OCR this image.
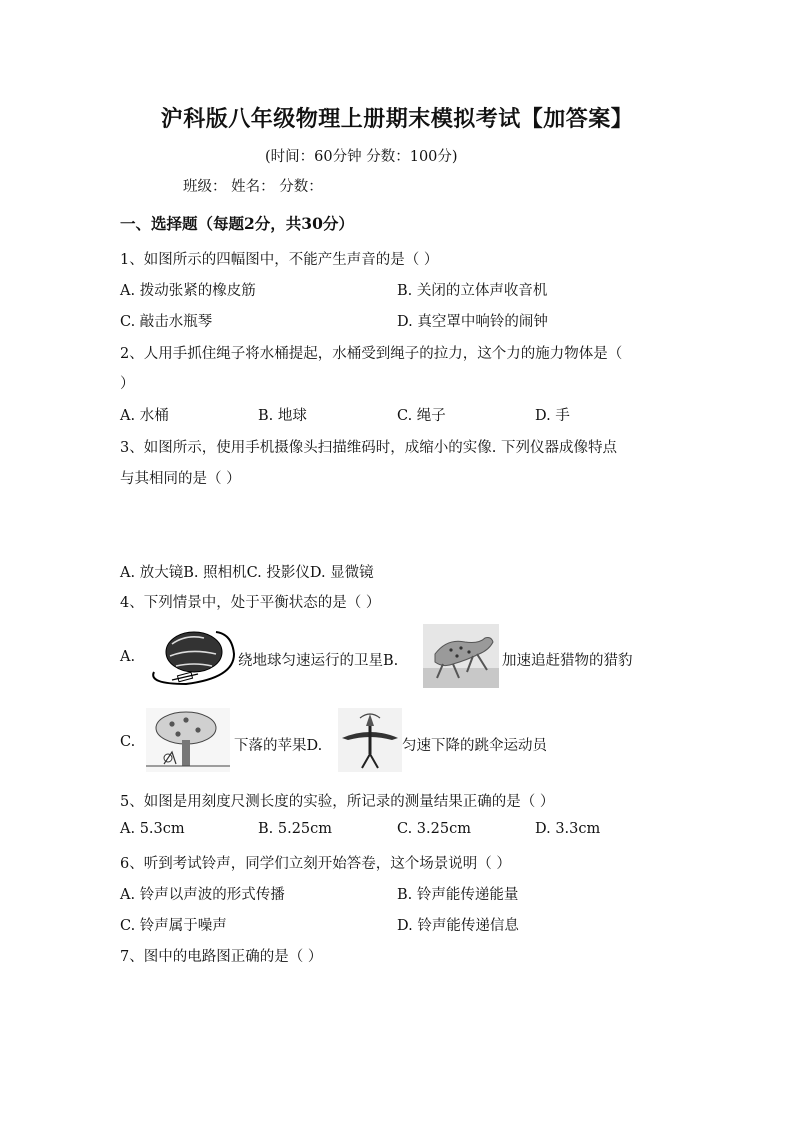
沪科版八年级物理上册期末模拟考试【加答案】
(时间：60分钟 分数：100分)
班级： 姓名： 分数：
一、选择题（每题2分，共30分）
1、如图所示的四幅图中，不能产生声音的是（ ）
A. 拨动张紧的橡皮筋	B. 关闭的立体声收音机
C. 敲击水瓶琴	D. 真空罩中响铃的闹钟
2、人用手抓住绳子将水桶提起，水桶受到绳子的拉力，这个力的施力物体是（
）
A. 水桶	B. 地球	C. 绳子	D. 手
3、如图所示，使用手机摄像头扫描维码时，成缩小的实像. 下列仪器成像特点
与其相同的是（ ）
A. 放大镜B. 照相机C. 投影仪D. 显微镜
4、下列情景中，处于平衡状态的是（ ）
A.	绕地球匀速运行的卫星B.	加速追赶猎物的猎豹
C.	下落的苹果D.	匀速下降的跳伞运动员
5、如图是用刻度尺测长度的实验，所记录的测量结果正确的是（ ）
A. 5.3cm	B. 5.25cm	C. 3.25cm	D. 3.3cm
6、听到考试铃声，同学们立刻开始答卷，这个场景说明（ ）
A. 铃声以声波的形式传播	B. 铃声能传递能量
C. 铃声属于噪声	D. 铃声能传递信息
7、图中的电路图正确的是（ ）
